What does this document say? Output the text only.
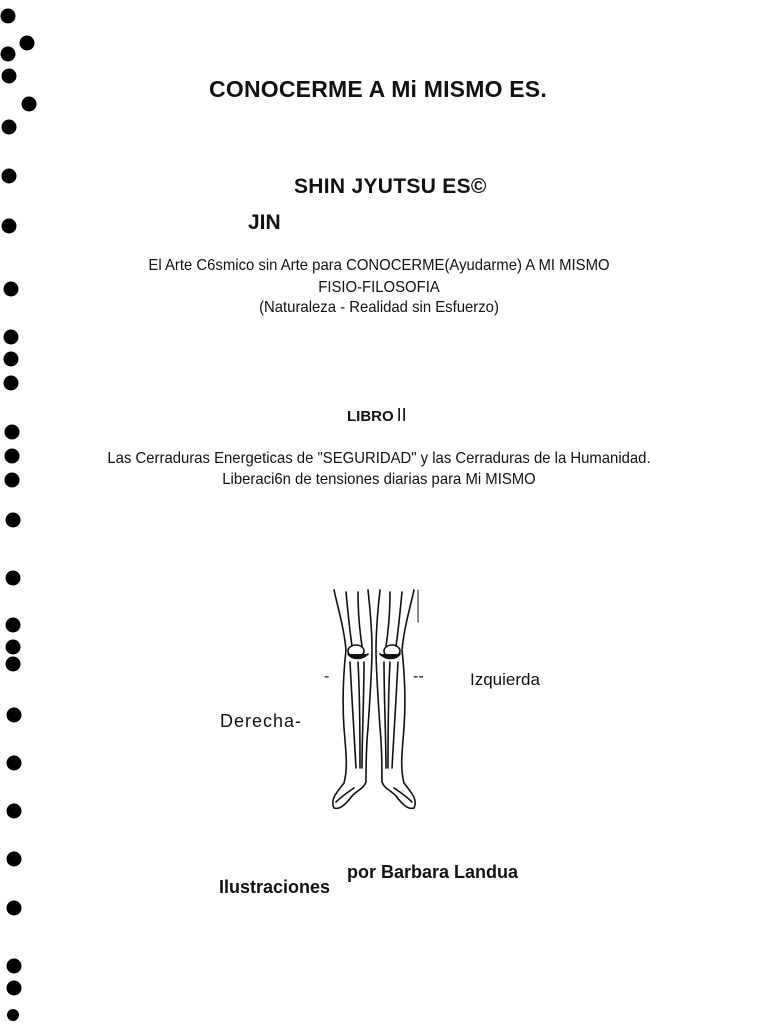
CONOCERME A Mi MISMO ES.
SHIN JYUTSU ES©
JIN
El Arte C6smico sin Arte para CONOCERME(Ayudarme) A MI MISMO
FISIO-FILOSOFIA
(Naturaleza - Realidad sin Esfuerzo)
LIBRO II
Las Cerraduras Energeticas de "SEGURIDAD" y las Cerraduras de la Humanidad.
Liberaci6n de tensiones diarias para Mi MISMO
-	--	Izquierda
Derecha-
Ilustraciones
por Barbara Landua
